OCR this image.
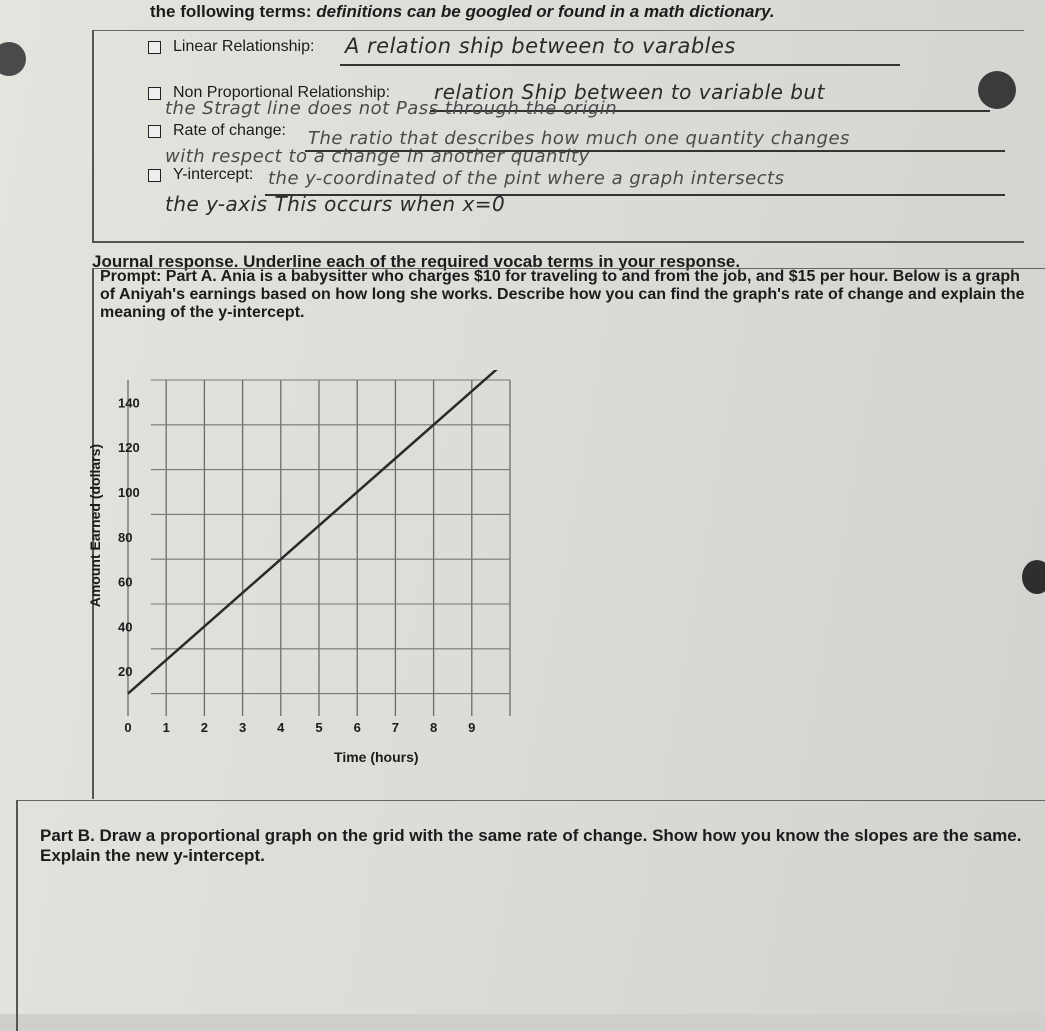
the following terms: definitions can be googled or found in a math dictionary.
Linear Relationship: A relation ship between to varables
Non Proportional Relationship: relation Ship between to variable but
the Stragt line does not Pass through the origin
Rate of change: The ratio that describes how much one quantity changes
with respect to a change in another quantity
Y-intercept: the y-coordinated of the pint where a graph intersects
the y-axis This occurs when x=0
Journal response. Underline each of the required vocab terms in your response.
Prompt: Part A. Ania is a babysitter who charges $10 for traveling to and from the job, and $15 per hour. Below is a graph of Aniyah's earnings based on how long she works. Describe how you can find the graph's rate of change and explain the meaning of the y-intercept.
20
40
60
80
100
120
140
0 1 2 3 4 5 6 7 8 9
Time (hours)
Amount Earned (dollars)
Part B. Draw a proportional graph on the grid with the same rate of change. Show how you know the slopes are the same. Explain the new y-intercept.
